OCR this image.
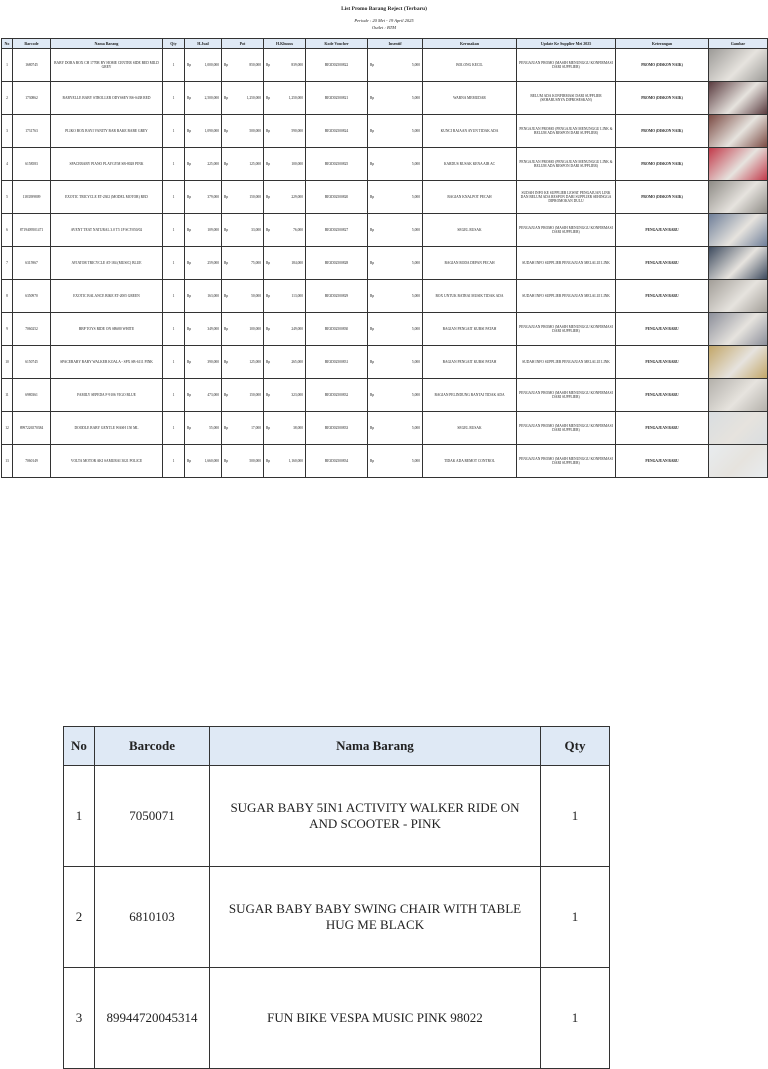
List Promo Barang Reject (Terbaru)
Periode : 20 Mei - 19 April 2025
Outlet : BTM
No	Barcode	Nama Barang	Qty	H.Jual	Pot	H.Khusus	Kode Voucher	Insentif	Kerusakan	Update Ke Supplier Mei 2025	Keterangan	Gambar
1	1680745	BABY DORA BOX CH 1770R BY HOME CENTER SIDE BED MILD GREY	1	Rp 1,000,000	Rp 850,000	Rp 839,000	BE3D02500822	Rp 5,000	BOLONG KECIL	PENGAJUAN PROMO (MASIH MENUNGGU KONFIRMASI DARI SUPPLIER)	PROMO (DISKON NAIK)	

2	1730862	BABYELLE BABY STROLLER ODYSSEY BS-S438 RED	1	Rp 2,500,000	Rp 1,250,000	Rp 1,250,000	BE3D02500821	Rp 5,000	WARNA MEMUDAR	BELUM ADA KONFIRMASI DARI SUPPLIER (SEHARUSNYA DIPROSESKAN)	PROMO (DISKON NAIK)	

3	1731763	PLIKO BOX BAYI VANITY BAR RAKE BABE GREY	1	Rp 1,090,000	Rp 500,000	Rp 590,000	BE3D02500824	Rp 5,000	KUNCI RAJAAN AYUN TIDAK ADA	PENGAJUAN PROMO (PENGAJUAN MENUNGGU LINK & BELUM ADA RESPON DARI SUPPLIER)	PROMO (DISKON NAIK)	

4	6158583	SPACEBABY PIANO PLAYGYM SB-8028 PINK	1	Rp 225,000	Rp 125,000	Rp 100,000	BE3D02500825	Rp 5,000	KARDUS RUSAK KENA AIR AC	PENGAJUAN PROMO (PENGAJUAN MENUNGGU LINK & BELUM ADA RESPON DARI SUPPLIER)	PROMO (DISKON NAIK)	

5	1183399809	EXOTIC TRICYCLE ET-2302 (MODEL MOTOR) RED	1	Rp 379,000	Rp 150,000	Rp 229,000	BE3D02500820	Rp 5,000	BAGIAN KNALPOT PECAH	SUDAH INFO KE SUPPLIER LEWAT PENGAJUAN LINK DAN BELUM ADA RESPON DARI SUPPLIER SEHINGGA DIPROMOKAN DULU	PROMO (DISKON NAIK)	

6	8719409501471	AVENT TEAT NATURAL 3.0 T5 1P SCY050/02	1	Rp 109,000	Rp 33,000	Rp 76,000	BE3D02500827	Rp 5,000	SEGEL RUSAK	PENGAJUAN PROMO (MASIH MENUNGGU KONFIRMASI DARI SUPPLIER)	PENGAJUAN BARU	

7	6315967	AVIATOR TRICYCLE AT-184 (MUSIC) BLUE	1	Rp 259,000	Rp 75,000	Rp 184,000	BE3D02500828	Rp 5,000	BAGIAN RODA DEPAN PECAH	SUDAH INFO SUPPLIER PENGAJUAN MELALUI LINK	PENGAJUAN BARU	

8	6350970	EXOTIC BALANCE BIKE ET-2005 GREEN	1	Rp 163,000	Rp 50,000	Rp 113,000	BE3D02500829	Rp 5,000	BOX UNTUK BATRAI MUSIK TIDAK ADA	SUDAH INFO SUPPLIER PENGAJUAN MELALUI LINK	PENGAJUAN BARU	

9	7060252	BBP TOYS RIDE ON SB680 WHITE	1	Rp 349,000	Rp 100,000	Rp 249,000	BE3D02500830	Rp 5,000	BAGIAN PENGAIT KURSI PATAH	PENGAJUAN PROMO (MASIH MENUNGGU KONFIRMASI DARI SUPPLIER)	PENGAJUAN BARU	

10	6150745	SPACEBABY BABY WALKER KOALA - SPX SB-6111 PINK	1	Rp 390,000	Rp 125,000	Rp 265,000	BE3D02500831	Rp 5,000	BAGIAN PENGAIT KURSI PATAH	SUDAH INFO SUPPLIER PENGAJUAN MELALUI LINK	PENGAJUAN BARU	

11	6980361	FAMILY SEPEDA F-9106 VIGO BLUE	1	Rp 473,000	Rp 150,000	Rp 323,000	BE3D02500832	Rp 5,000	BAGIAN PELINDUNG RANTAI TIDAK ADA	PENGAJUAN PROMO (MASIH MENUNGGU KONFIRMASI DARI SUPPLIER)	PENGAJUAN BARU	

12	8997226570384	DOODLE BABY GENTLE WASH 150 ML	1	Rp 55,000	Rp 17,000	Rp 38,000	BE3D02500833	Rp 5,000	SEGEL RUSAK	PENGAJUAN PROMO (MASIH MENUNGGU KONFIRMASI DARI SUPPLIER)	PENGAJUAN BARU	

13	7060149	VOLTA MOTOR AKI SAMURAI 3021 POLICE	1	Rp 1,660,000	Rp 500,000	Rp 1,160,000	BE3D02500834	Rp 5,000	TIDAK ADA REMOT CONTROL	PENGAJUAN PROMO (MASIH MENUNGGU KONFIRMASI DARI SUPPLIER)	PENGAJUAN BARU	
No	Barcode	Nama Barang	Qty
1	7050071	SUGAR BABY 5IN1 ACTIVITY WALKER RIDE ON AND SCOOTER - PINK	1
2	6810103	SUGAR BABY BABY SWING CHAIR WITH TABLE HUG ME BLACK	1
3	89944720045314	FUN BIKE VESPA MUSIC PINK 98022	1
